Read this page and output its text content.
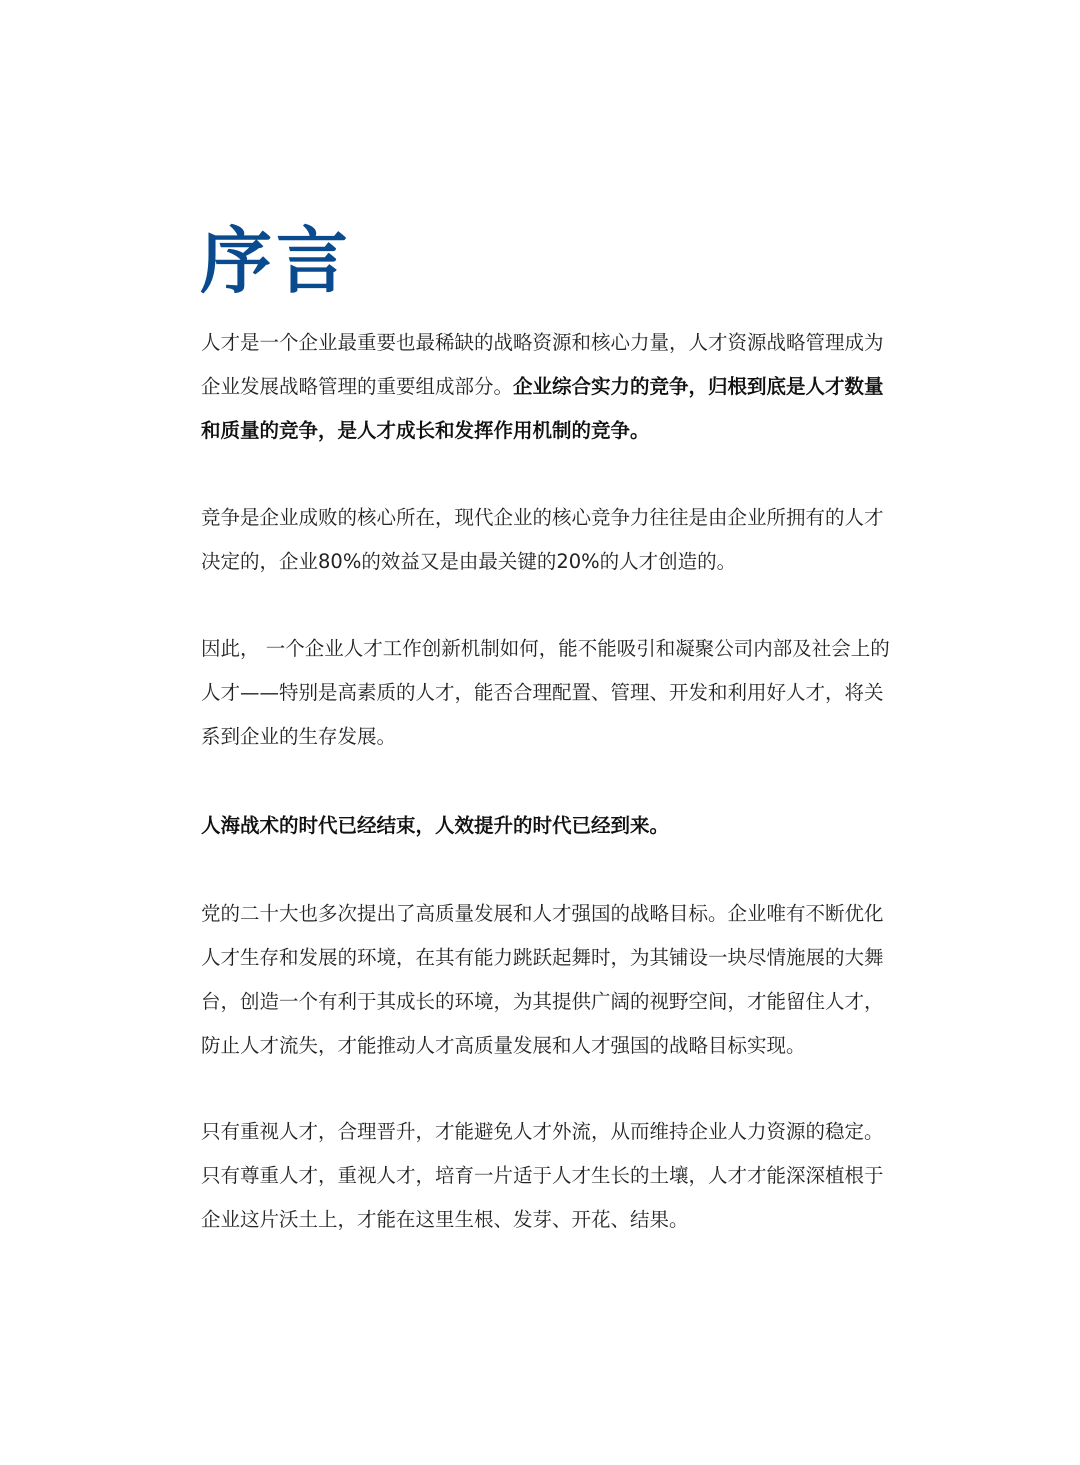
序言

人才是一个企业最重要也最稀缺的战略资源和核心力量，人才资源战略管理成为企业发展战略管理的重要组成部分。企业综合实力的竞争，归根到底是人才数量和质量的竞争，是人才成长和发挥作用机制的竞争。

竞争是企业成败的核心所在，现代企业的核心竞争力往往是由企业所拥有的人才决定的，企业80%的效益又是由最关键的20%的人才创造的。

因此， 一个企业人才工作创新机制如何，能不能吸引和凝聚公司内部及社会上的人才——特别是高素质的人才，能否合理配置、管理、开发和利用好人才，将关系到企业的生存发展。

人海战术的时代已经结束，人效提升的时代已经到来。

党的二十大也多次提出了高质量发展和人才强国的战略目标。企业唯有不断优化人才生存和发展的环境，在其有能力跳跃起舞时，为其铺设一块尽情施展的大舞台，创造一个有利于其成长的环境，为其提供广阔的视野空间，才能留住人才，防止人才流失，才能推动人才高质量发展和人才强国的战略目标实现。

只有重视人才，合理晋升，才能避免人才外流，从而维持企业人力资源的稳定。只有尊重人才，重视人才，培育一片适于人才生长的土壤，人才才能深深植根于企业这片沃土上，才能在这里生根、发芽、开花、结果。
